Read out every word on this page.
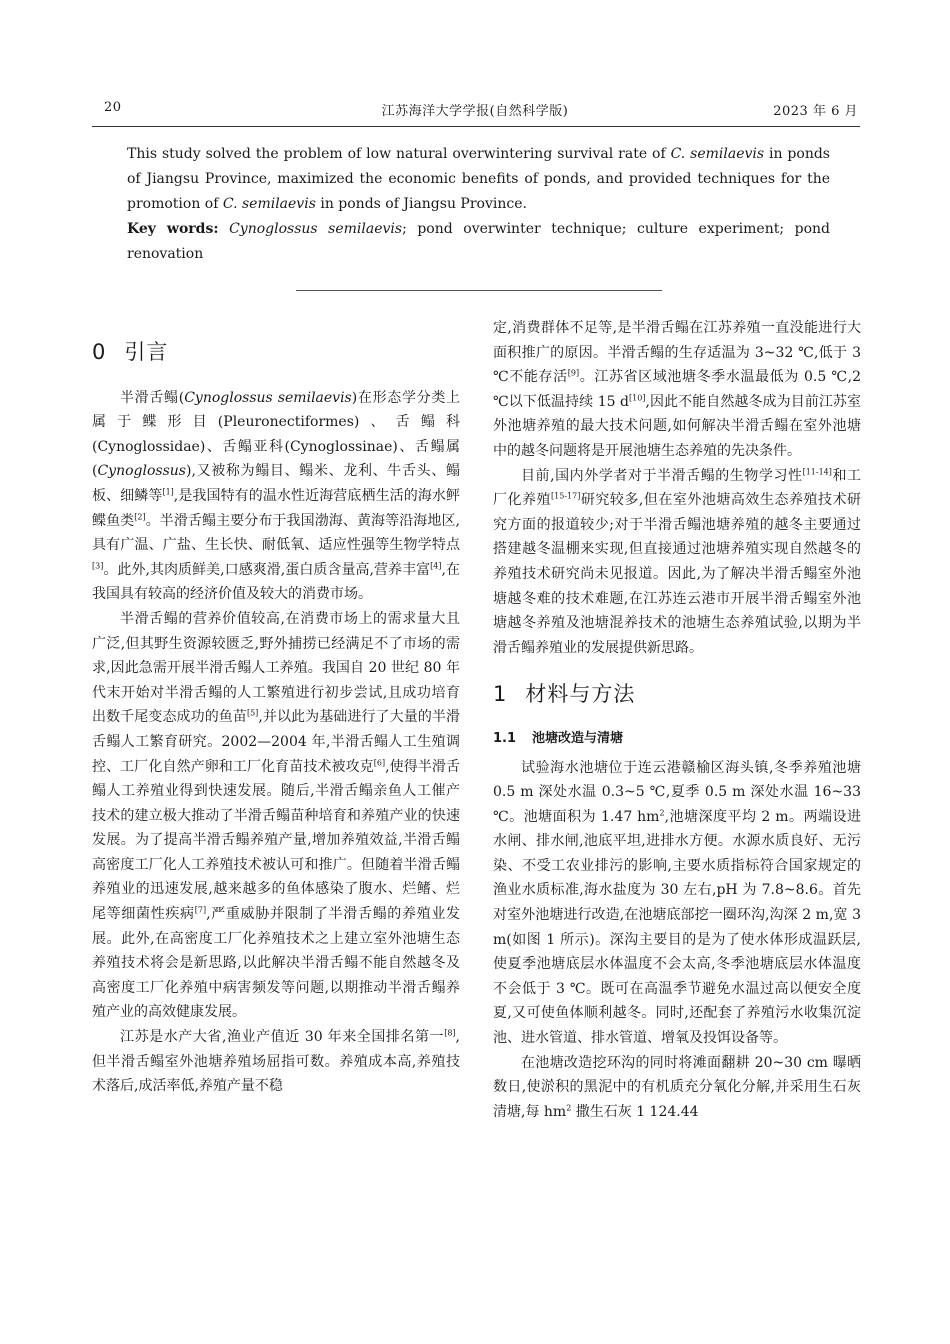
20	江苏海洋大学学报(自然科学版)	2023 年 6 月

This study solved the problem of low natural overwintering survival rate of C. semilaevis in ponds of Jiangsu Province, maximized the economic benefits of ponds, and provided techniques for the promotion of C. semilaevis in ponds of Jiangsu Province.

Key words: Cynoglossus semilaevis; pond overwinter technique; culture experiment; pond renovation

0 引言

半滑舌鳎(Cynoglossus semilaevis)在形态学分类上属于鲽形目(Pleuronectiformes)、舌鳎科(Cynoglossidae)、舌鳎亚科(Cynoglossinae)、舌鳎属(Cynoglossus),又被称为鳎目、鳎米、龙利、牛舌头、鳎板、细鳞等[1],是我国特有的温水性近海营底栖生活的海水鲆鲽鱼类[2]。半滑舌鳎主要分布于我国渤海、黄海等沿海地区,具有广温、广盐、生长快、耐低氧、适应性强等生物学特点[3]。此外,其肉质鲜美,口感爽滑,蛋白质含量高,营养丰富[4],在我国具有较高的经济价值及较大的消费市场。

半滑舌鳎的营养价值较高,在消费市场上的需求量大且广泛,但其野生资源较匮乏,野外捕捞已经满足不了市场的需求,因此急需开展半滑舌鳎人工养殖。我国自 20 世纪 80 年代末开始对半滑舌鳎的人工繁殖进行初步尝试,且成功培育出数千尾变态成功的鱼苗[5],并以此为基础进行了大量的半滑舌鳎人工繁育研究。2002—2004 年,半滑舌鳎人工生殖调控、工厂化自然产卵和工厂化育苗技术被攻克[6],使得半滑舌鳎人工养殖业得到快速发展。随后,半滑舌鳎亲鱼人工催产技术的建立极大推动了半滑舌鳎苗种培育和养殖产业的快速发展。为了提高半滑舌鳎养殖产量,增加养殖效益,半滑舌鳎高密度工厂化人工养殖技术被认可和推广。但随着半滑舌鳎养殖业的迅速发展,越来越多的鱼体感染了腹水、烂鳍、烂尾等细菌性疾病[7],严重威胁并限制了半滑舌鳎的养殖业发展。此外,在高密度工厂化养殖技术之上建立室外池塘生态养殖技术将会是新思路,以此解决半滑舌鳎不能自然越冬及高密度工厂化养殖中病害频发等问题,以期推动半滑舌鳎养殖产业的高效健康发展。

江苏是水产大省,渔业产值近 30 年来全国排名第一[8],但半滑舌鳎室外池塘养殖场屈指可数。养殖成本高,养殖技术落后,成活率低,养殖产量不稳

定,消费群体不足等,是半滑舌鳎在江苏养殖一直没能进行大面积推广的原因。半滑舌鳎的生存适温为 3~32 ℃,低于 3 ℃不能存活[9]。江苏省区域池塘冬季水温最低为 0.5 ℃,2 ℃以下低温持续 15 d[10],因此不能自然越冬成为目前江苏室外池塘养殖的最大技术问题,如何解决半滑舌鳎在室外池塘中的越冬问题将是开展池塘生态养殖的先决条件。

目前,国内外学者对于半滑舌鳎的生物学习性[11-14]和工厂化养殖[15-17]研究较多,但在室外池塘高效生态养殖技术研究方面的报道较少;对于半滑舌鳎池塘养殖的越冬主要通过搭建越冬温棚来实现,但直接通过池塘养殖实现自然越冬的养殖技术研究尚未见报道。因此,为了解决半滑舌鳎室外池塘越冬难的技术难题,在江苏连云港市开展半滑舌鳎室外池塘越冬养殖及池塘混养技术的池塘生态养殖试验,以期为半滑舌鳎养殖业的发展提供新思路。

1 材料与方法
1.1 池塘改造与清塘

试验海水池塘位于连云港赣榆区海头镇,冬季养殖池塘 0.5 m 深处水温 0.3~5 ℃,夏季 0.5 m 深处水温 16~33 ℃。池塘面积为 1.47 $hm^2$,池塘深度平均 2 m。两端设进水闸、排水闸,池底平坦,进排水方便。水源水质良好、无污染、不受工农业排污的影响,主要水质指标符合国家规定的渔业水质标准,海水盐度为 30 左右,pH 为 7.8~8.6。首先对室外池塘进行改造,在池塘底部挖一圈环沟,沟深 2 m,宽 3 m(如图 1 所示)。深沟主要目的是为了使水体形成温跃层,使夏季池塘底层水体温度不会太高,冬季池塘底层水体温度不会低于 3 ℃。既可在高温季节避免水温过高以便安全度夏,又可使鱼体顺利越冬。同时,还配套了养殖污水收集沉淀池、进水管道、排水管道、增氧及投饵设备等。

在池塘改造挖环沟的同时将滩面翻耕 20~30 cm 曝晒数日,使淤积的黑泥中的有机质充分氧化分解,并采用生石灰清塘,每 $hm^2$ 撒生石灰 1 124.44
